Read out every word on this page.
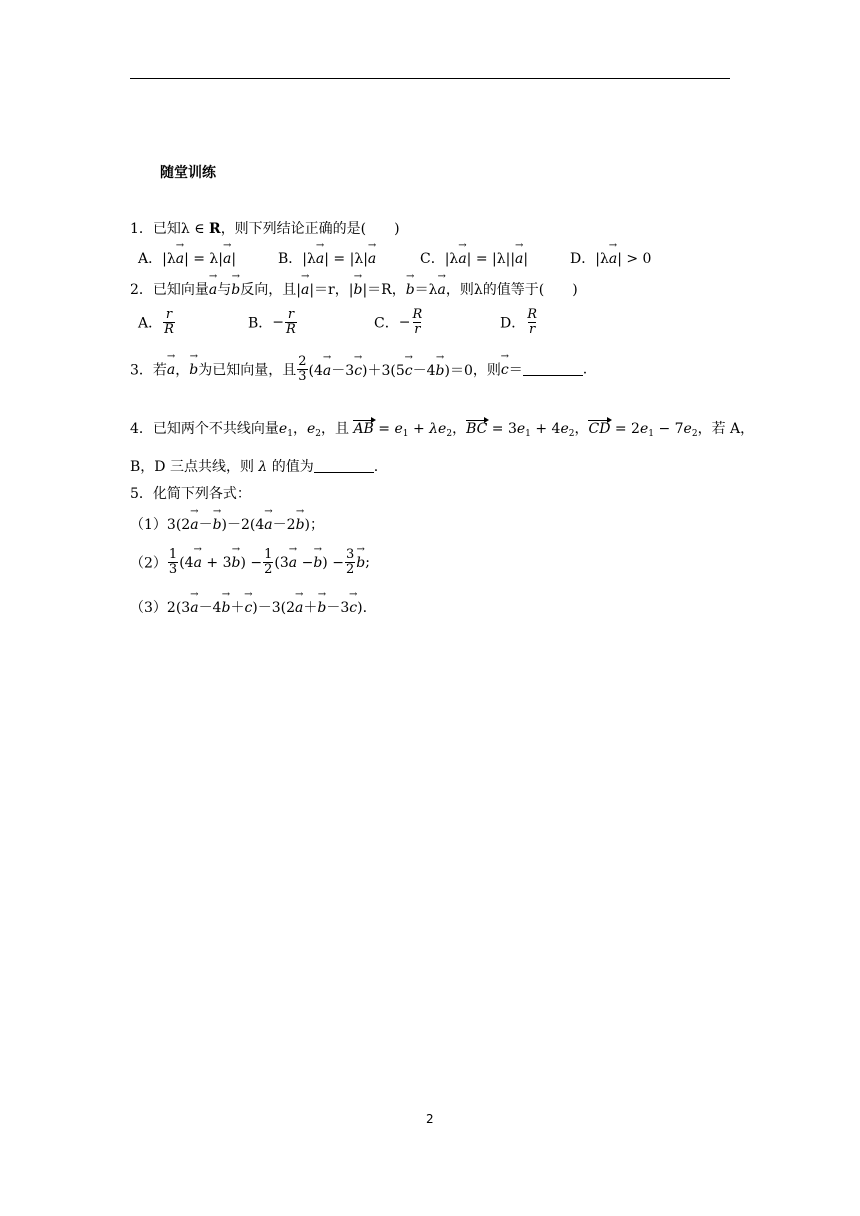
随堂训练
1．已知λ ∈ R，则下列结论正确的是(　　)
A．|λ→ a| = λ|→ a|	B．|λ→ a| = |λ|→ a	C．|λ→ a| = |λ||→ a|	D．|λ→ a| > 0
2．已知向量→ a与→ b反向，且|→ a|＝r，|→ b|＝R，→ b＝λ→ a，则λ的值等于(　　)
A． $\frac{r}{R}$	B．− $\frac{r}{R}$	C．− $\frac{R}{r}$	D． $\frac{R}{r}$
3．若→ a，→ b为已知向量，且 $\frac{2}{3} (4\to a-3\to c)+3(5\to c-4\to b)=0$，则→ c＝	.
4．已知两个不共线向量$e_1$，$e_2$，且 AB = $e_1 + \lambda e_2$，BC = $3e_1 + 4e_2$，CD = $2e_1 - 7e_2$，若 A，
B，D 三点共线，则 λ 的值为	.
5．化简下列各式：
（1）3(2→ a－→ b)－2(4→ a－2→ b)；
$(2) \frac{1}{3} (4\to a + 3\to b) - \frac{1}{2} (3\to a -\to b) - \frac{3}{2}$
→ b;
（3）2(3→ a－4→ b＋→ c)－3(2→ a＋→ b－3→ c).
2
